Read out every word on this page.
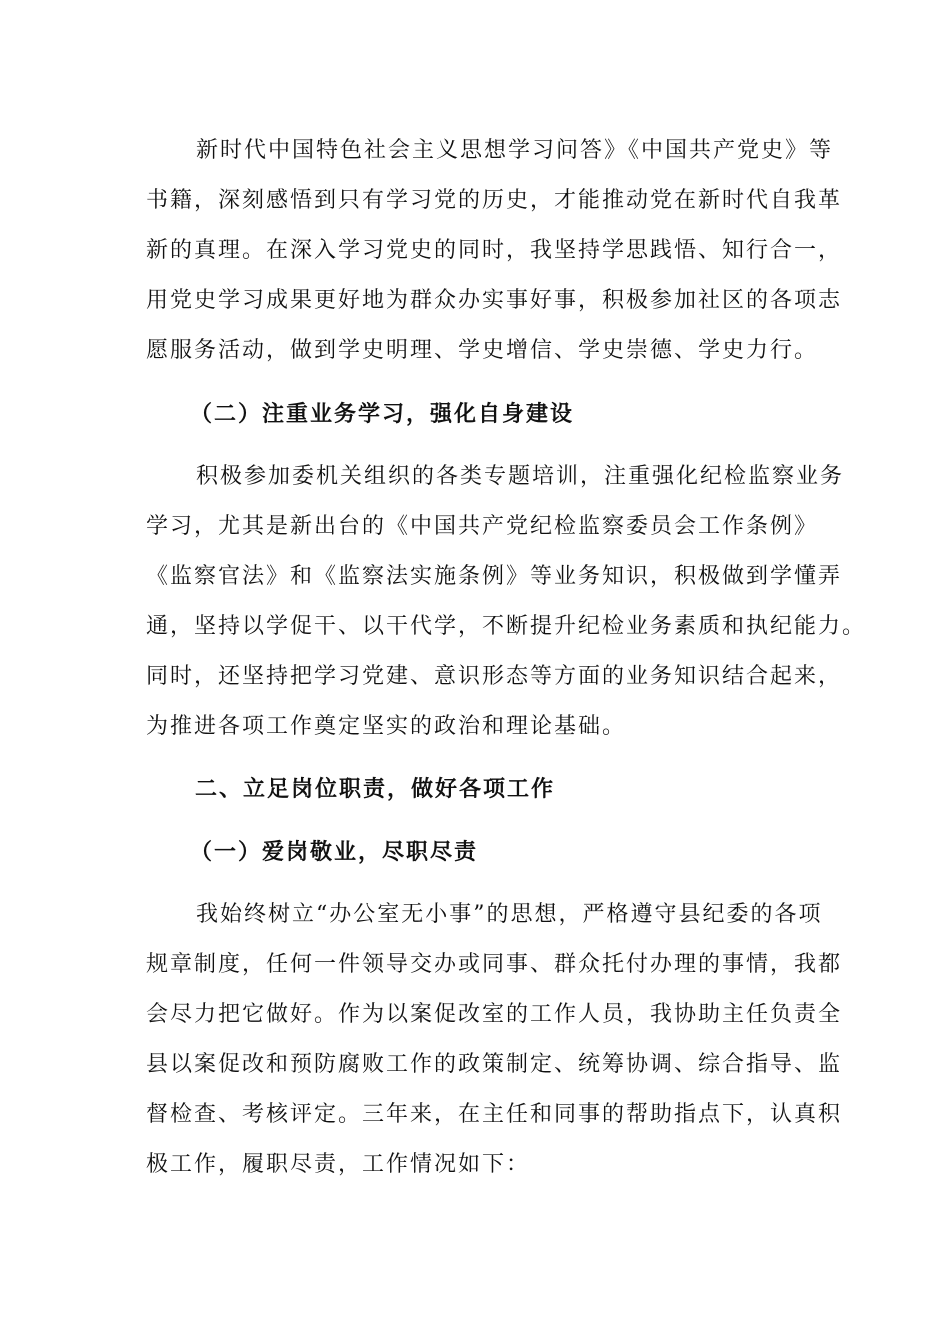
新时代中国特色社会主义思想学习问答》《中国共产党史》等
书籍，深刻感悟到只有学习党的历史，才能推动党在新时代自我革
新的真理。在深入学习党史的同时，我坚持学思践悟、知行合一，
用党史学习成果更好地为群众办实事好事，积极参加社区的各项志
愿服务活动，做到学史明理、学史增信、学史崇德、学史力行。
（二）注重业务学习，强化自身建设
积极参加委机关组织的各类专题培训，注重强化纪检监察业务
学习，尤其是新出台的《中国共产党纪检监察委员会工作条例》
《监察官法》和《监察法实施条例》等业务知识，积极做到学懂弄
通，坚持以学促干、以干代学，不断提升纪检业务素质和执纪能力。
同时，还坚持把学习党建、意识形态等方面的业务知识结合起来，
为推进各项工作奠定坚实的政治和理论基础。
二、立足岗位职责，做好各项工作
（一）爱岗敬业，尽职尽责
我始终树立“办公室无小事”的思想，严格遵守县纪委的各项
规章制度，任何一件领导交办或同事、群众托付办理的事情，我都
会尽力把它做好。作为以案促改室的工作人员，我协助主任负责全
县以案促改和预防腐败工作的政策制定、统筹协调、综合指导、监
督检查、考核评定。三年来，在主任和同事的帮助指点下，认真积
极工作，履职尽责，工作情况如下：
